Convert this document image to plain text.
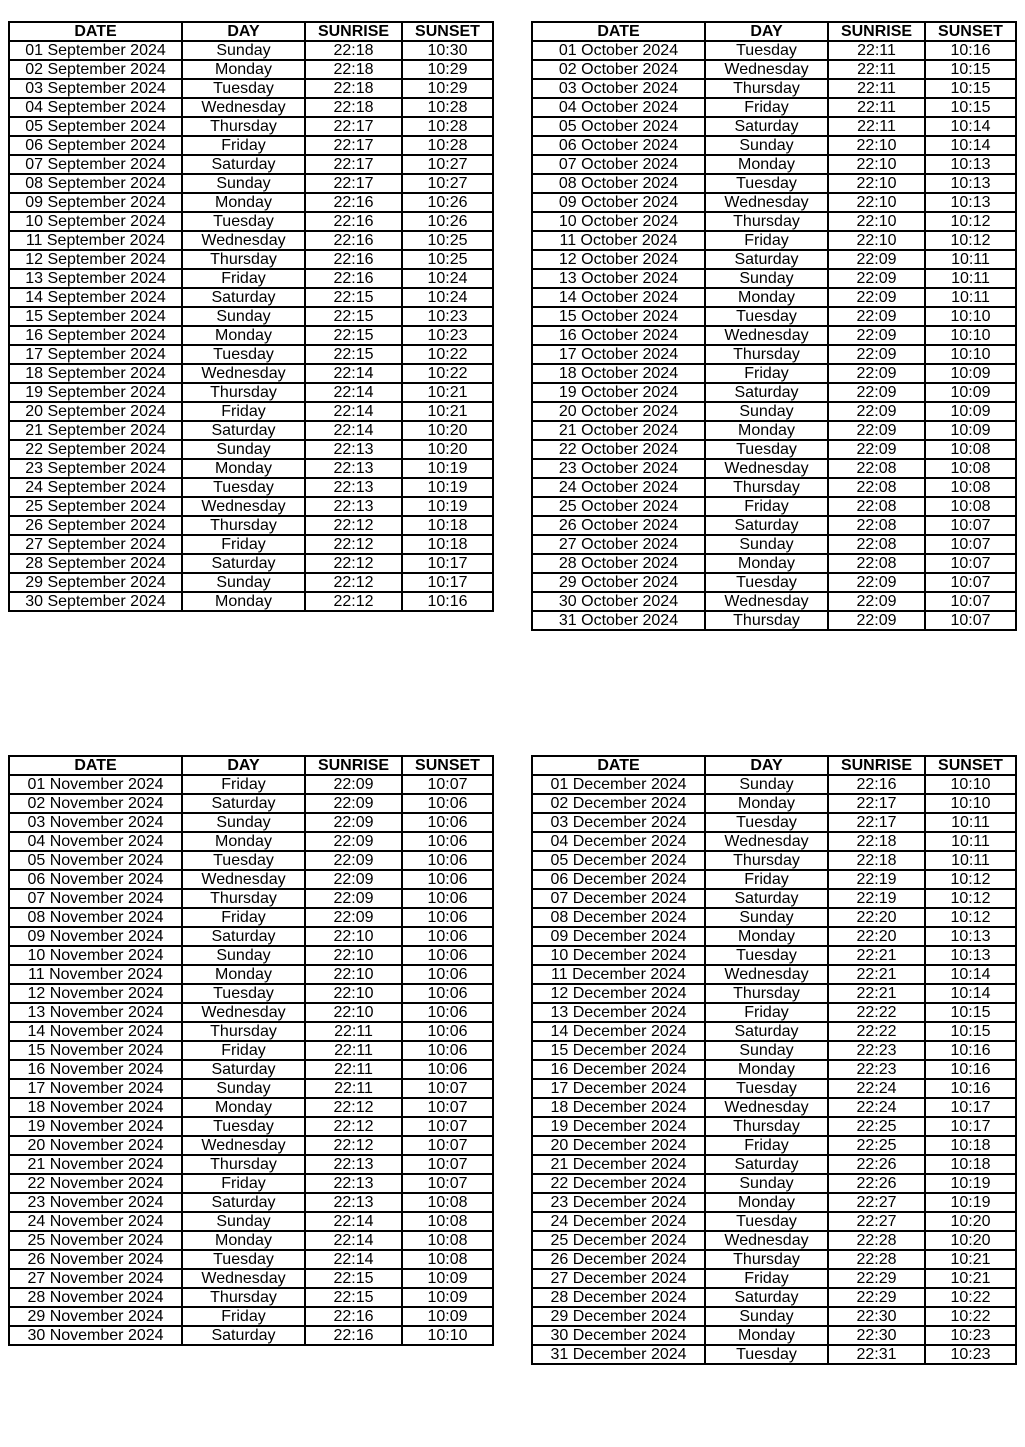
DATE	DAY	SUNRISE	SUNSET
01 September 2024	Sunday	22:18	10:30
02 September 2024	Monday	22:18	10:29
03 September 2024	Tuesday	22:18	10:29
04 September 2024	Wednesday	22:18	10:28
05 September 2024	Thursday	22:17	10:28
06 September 2024	Friday	22:17	10:28
07 September 2024	Saturday	22:17	10:27
08 September 2024	Sunday	22:17	10:27
09 September 2024	Monday	22:16	10:26
10 September 2024	Tuesday	22:16	10:26
11 September 2024	Wednesday	22:16	10:25
12 September 2024	Thursday	22:16	10:25
13 September 2024	Friday	22:16	10:24
14 September 2024	Saturday	22:15	10:24
15 September 2024	Sunday	22:15	10:23
16 September 2024	Monday	22:15	10:23
17 September 2024	Tuesday	22:15	10:22
18 September 2024	Wednesday	22:14	10:22
19 September 2024	Thursday	22:14	10:21
20 September 2024	Friday	22:14	10:21
21 September 2024	Saturday	22:14	10:20
22 September 2024	Sunday	22:13	10:20
23 September 2024	Monday	22:13	10:19
24 September 2024	Tuesday	22:13	10:19
25 September 2024	Wednesday	22:13	10:19
26 September 2024	Thursday	22:12	10:18
27 September 2024	Friday	22:12	10:18
28 September 2024	Saturday	22:12	10:17
29 September 2024	Sunday	22:12	10:17
30 September 2024	Monday	22:12	10:16
DATE	DAY	SUNRISE	SUNSET
01 October 2024	Tuesday	22:11	10:16
02 October 2024	Wednesday	22:11	10:15
03 October 2024	Thursday	22:11	10:15
04 October 2024	Friday	22:11	10:15
05 October 2024	Saturday	22:11	10:14
06 October 2024	Sunday	22:10	10:14
07 October 2024	Monday	22:10	10:13
08 October 2024	Tuesday	22:10	10:13
09 October 2024	Wednesday	22:10	10:13
10 October 2024	Thursday	22:10	10:12
11 October 2024	Friday	22:10	10:12
12 October 2024	Saturday	22:09	10:11
13 October 2024	Sunday	22:09	10:11
14 October 2024	Monday	22:09	10:11
15 October 2024	Tuesday	22:09	10:10
16 October 2024	Wednesday	22:09	10:10
17 October 2024	Thursday	22:09	10:10
18 October 2024	Friday	22:09	10:09
19 October 2024	Saturday	22:09	10:09
20 October 2024	Sunday	22:09	10:09
21 October 2024	Monday	22:09	10:09
22 October 2024	Tuesday	22:09	10:08
23 October 2024	Wednesday	22:08	10:08
24 October 2024	Thursday	22:08	10:08
25 October 2024	Friday	22:08	10:08
26 October 2024	Saturday	22:08	10:07
27 October 2024	Sunday	22:08	10:07
28 October 2024	Monday	22:08	10:07
29 October 2024	Tuesday	22:09	10:07
30 October 2024	Wednesday	22:09	10:07
31 October 2024	Thursday	22:09	10:07
DATE	DAY	SUNRISE	SUNSET
01 November 2024	Friday	22:09	10:07
02 November 2024	Saturday	22:09	10:06
03 November 2024	Sunday	22:09	10:06
04 November 2024	Monday	22:09	10:06
05 November 2024	Tuesday	22:09	10:06
06 November 2024	Wednesday	22:09	10:06
07 November 2024	Thursday	22:09	10:06
08 November 2024	Friday	22:09	10:06
09 November 2024	Saturday	22:10	10:06
10 November 2024	Sunday	22:10	10:06
11 November 2024	Monday	22:10	10:06
12 November 2024	Tuesday	22:10	10:06
13 November 2024	Wednesday	22:10	10:06
14 November 2024	Thursday	22:11	10:06
15 November 2024	Friday	22:11	10:06
16 November 2024	Saturday	22:11	10:06
17 November 2024	Sunday	22:11	10:07
18 November 2024	Monday	22:12	10:07
19 November 2024	Tuesday	22:12	10:07
20 November 2024	Wednesday	22:12	10:07
21 November 2024	Thursday	22:13	10:07
22 November 2024	Friday	22:13	10:07
23 November 2024	Saturday	22:13	10:08
24 November 2024	Sunday	22:14	10:08
25 November 2024	Monday	22:14	10:08
26 November 2024	Tuesday	22:14	10:08
27 November 2024	Wednesday	22:15	10:09
28 November 2024	Thursday	22:15	10:09
29 November 2024	Friday	22:16	10:09
30 November 2024	Saturday	22:16	10:10
DATE	DAY	SUNRISE	SUNSET
01 December 2024	Sunday	22:16	10:10
02 December 2024	Monday	22:17	10:10
03 December 2024	Tuesday	22:17	10:11
04 December 2024	Wednesday	22:18	10:11
05 December 2024	Thursday	22:18	10:11
06 December 2024	Friday	22:19	10:12
07 December 2024	Saturday	22:19	10:12
08 December 2024	Sunday	22:20	10:12
09 December 2024	Monday	22:20	10:13
10 December 2024	Tuesday	22:21	10:13
11 December 2024	Wednesday	22:21	10:14
12 December 2024	Thursday	22:21	10:14
13 December 2024	Friday	22:22	10:15
14 December 2024	Saturday	22:22	10:15
15 December 2024	Sunday	22:23	10:16
16 December 2024	Monday	22:23	10:16
17 December 2024	Tuesday	22:24	10:16
18 December 2024	Wednesday	22:24	10:17
19 December 2024	Thursday	22:25	10:17
20 December 2024	Friday	22:25	10:18
21 December 2024	Saturday	22:26	10:18
22 December 2024	Sunday	22:26	10:19
23 December 2024	Monday	22:27	10:19
24 December 2024	Tuesday	22:27	10:20
25 December 2024	Wednesday	22:28	10:20
26 December 2024	Thursday	22:28	10:21
27 December 2024	Friday	22:29	10:21
28 December 2024	Saturday	22:29	10:22
29 December 2024	Sunday	22:30	10:22
30 December 2024	Monday	22:30	10:23
31 December 2024	Tuesday	22:31	10:23
